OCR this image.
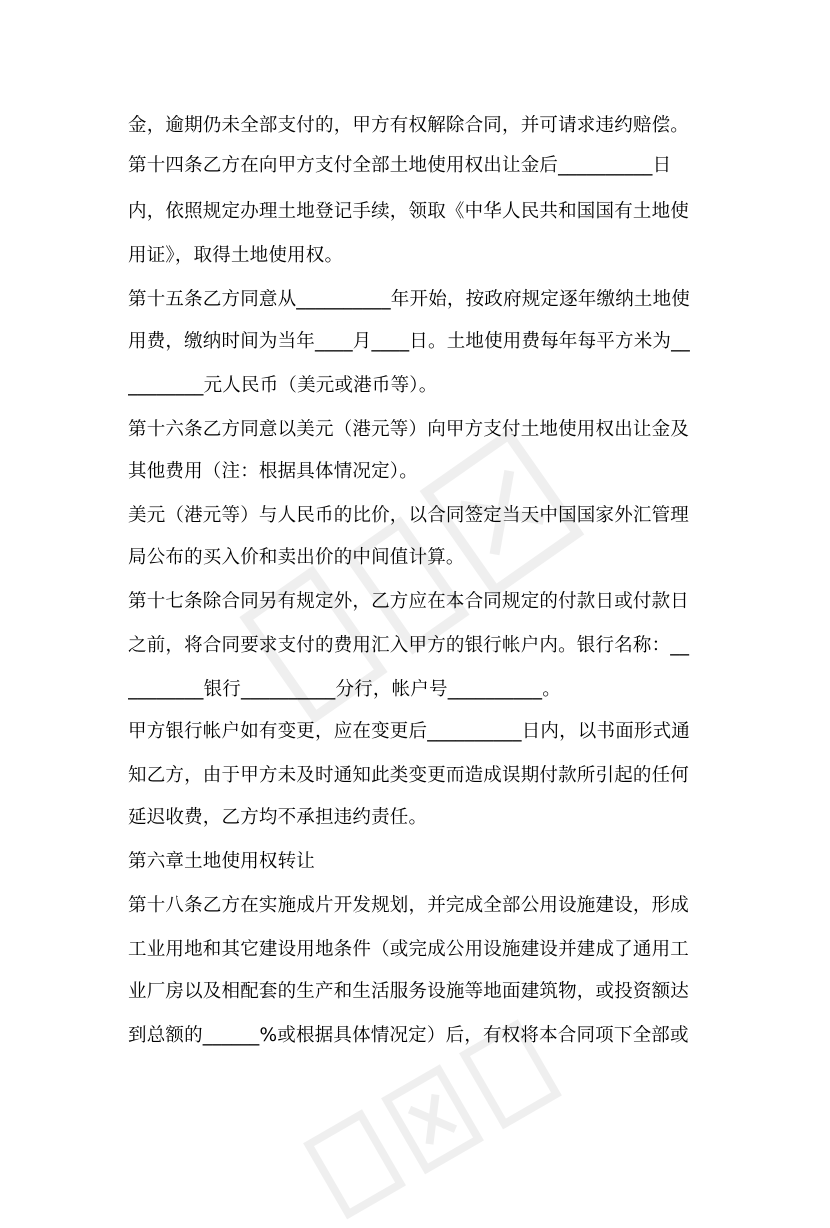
金，逾期仍未全部支付的，甲方有权解除合同，并可请求违约赔偿。
第十四条乙方在向甲方支付全部土地使用权出让金后__________日
内，依照规定办理土地登记手续，领取《中华人民共和国国有土地使
用证》，取得土地使用权。
第十五条乙方同意从__________年开始，按政府规定逐年缴纳土地使
用费，缴纳时间为当年____月____日。土地使用费每年每平方米为__
________元人民币（美元或港币等）。
第十六条乙方同意以美元（港元等）向甲方支付土地使用权出让金及
其他费用（注：根据具体情况定）。
美元（港元等）与人民币的比价，以合同签定当天中国国家外汇管理
局公布的买入价和卖出价的中间值计算。
第十七条除合同另有规定外，乙方应在本合同规定的付款日或付款日
之前，将合同要求支付的费用汇入甲方的银行帐户内。银行名称：__
________银行__________分行，帐户号__________。
甲方银行帐户如有变更，应在变更后__________日内，以书面形式通
知乙方，由于甲方未及时通知此类变更而造成误期付款所引起的任何
延迟收费，乙方均不承担违约责任。
第六章土地使用权转让
第十八条乙方在实施成片开发规划，并完成全部公用设施建设，形成
工业用地和其它建设用地条件（或完成公用设施建设并建成了通用工
业厂房以及相配套的生产和生活服务设施等地面建筑物，或投资额达
到总额的______%或根据具体情况定）后，有权将本合同项下全部或
